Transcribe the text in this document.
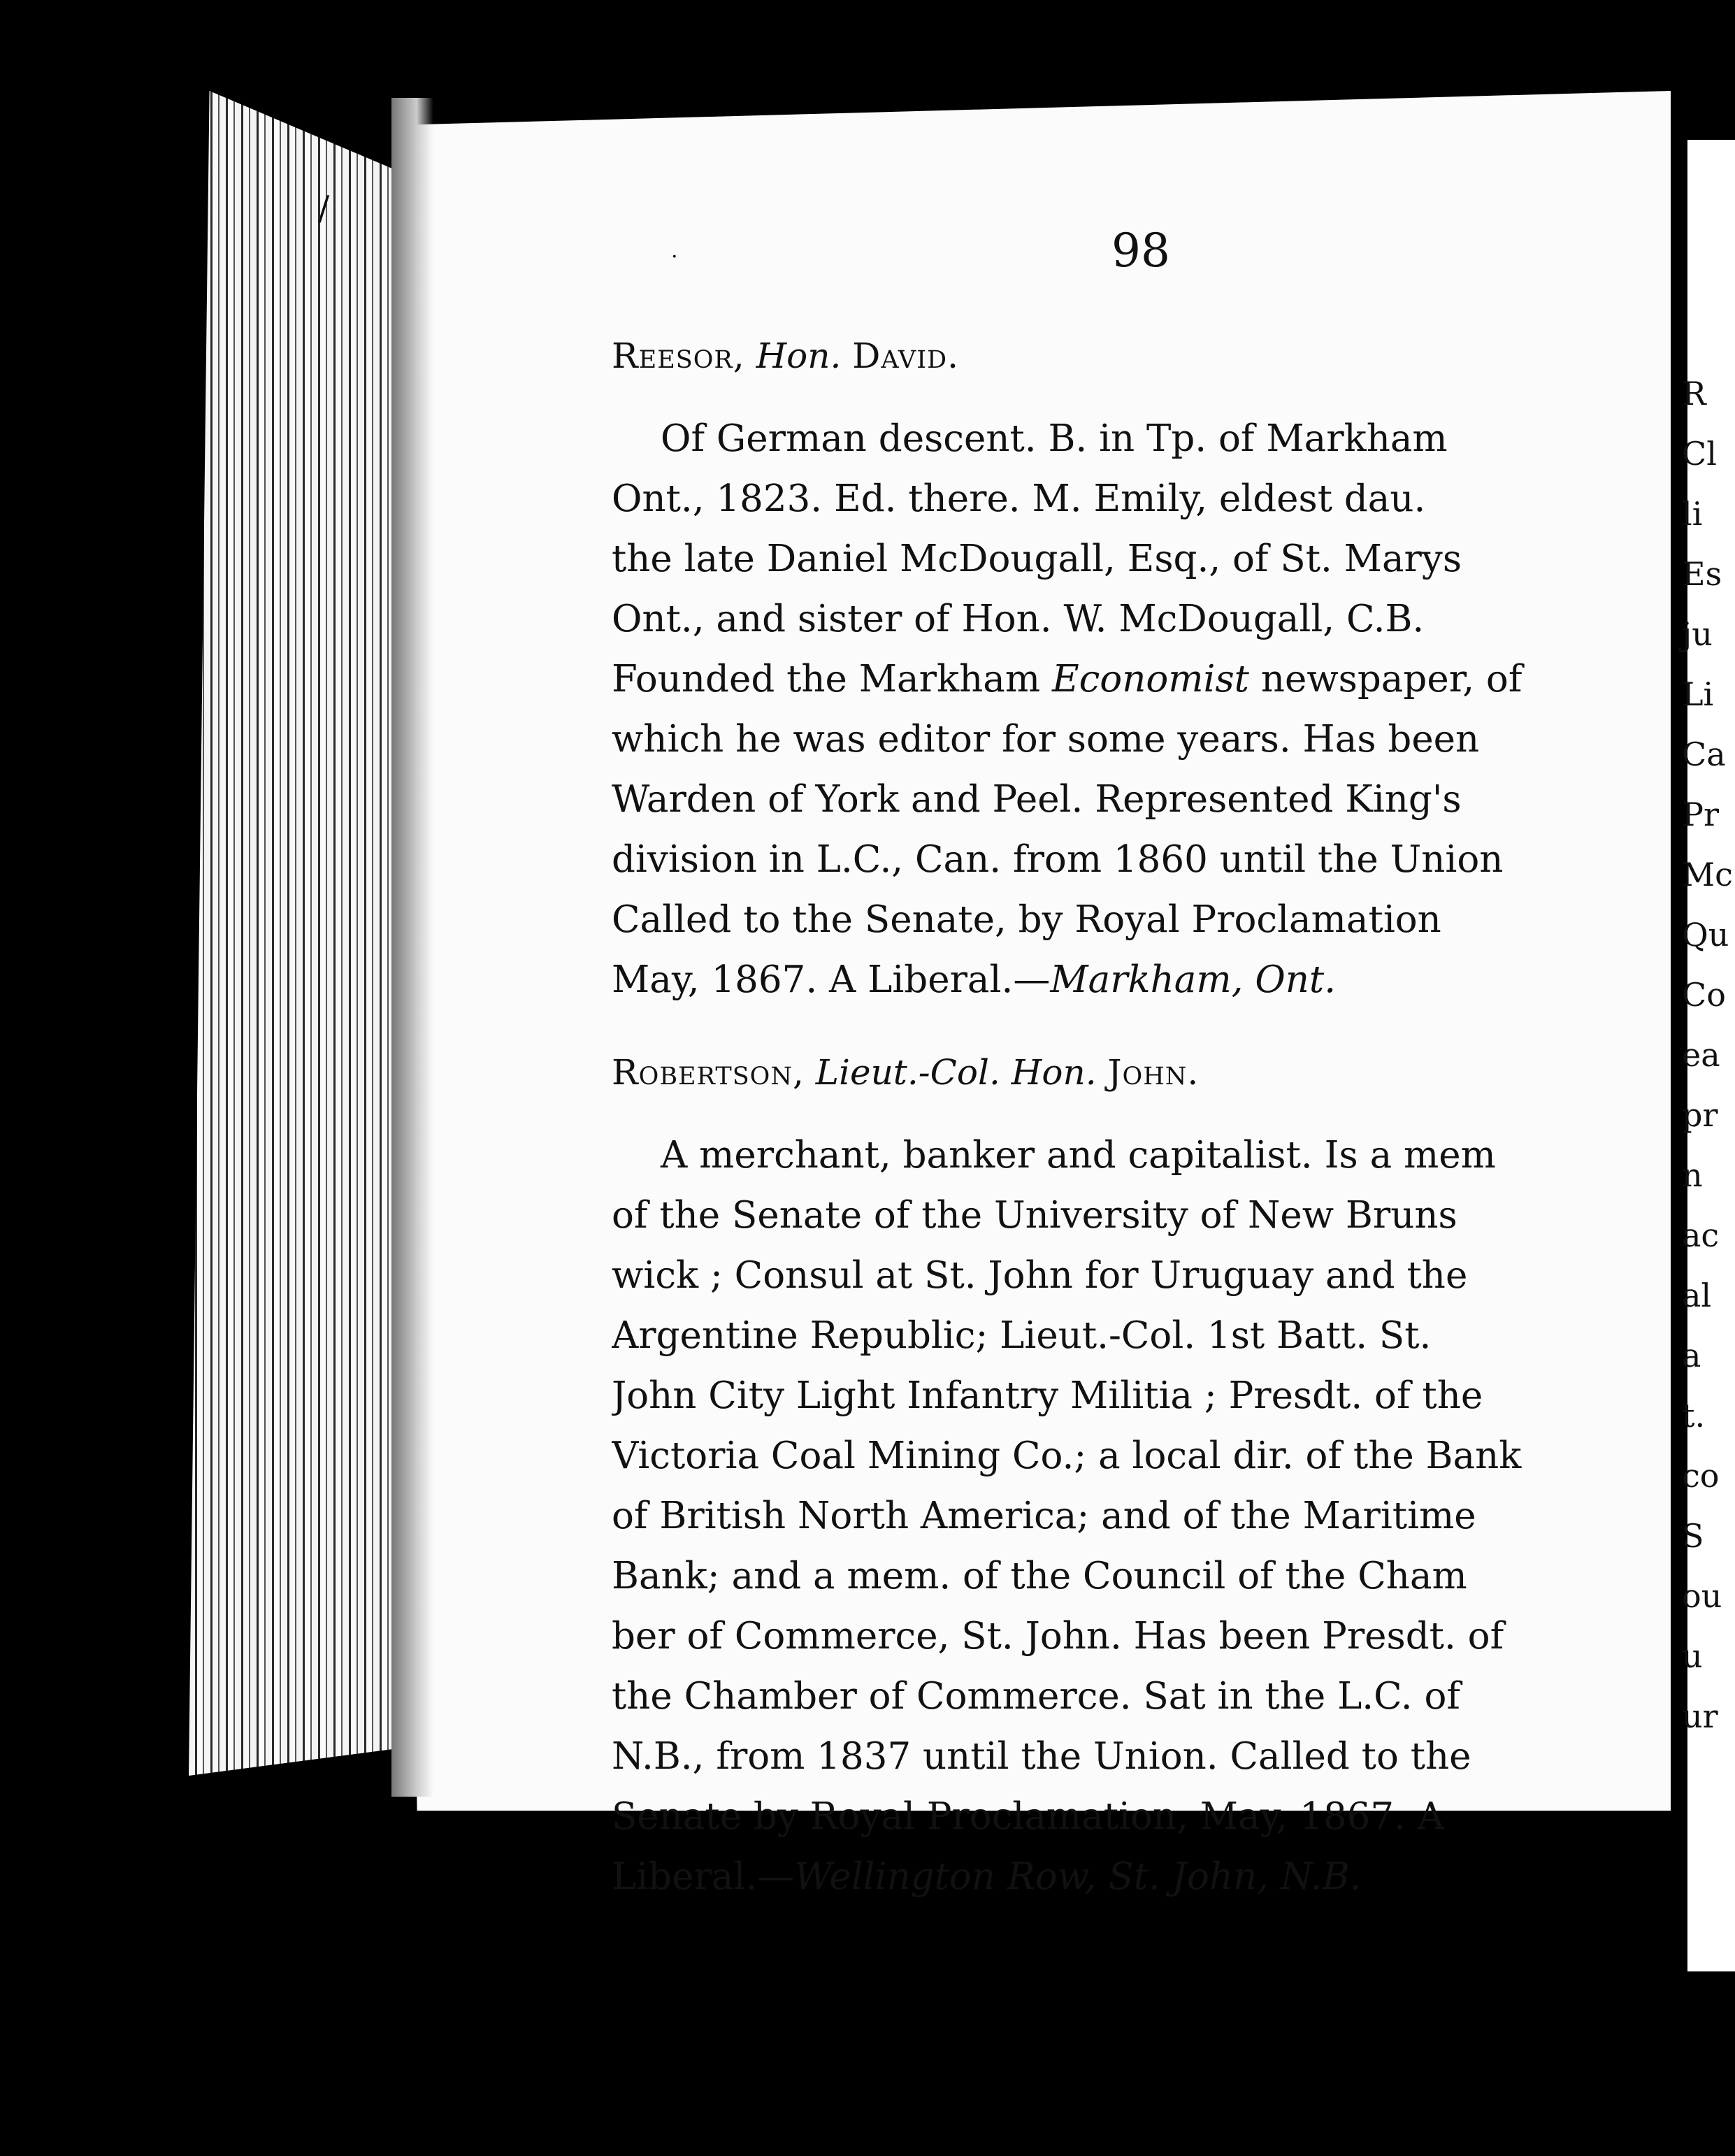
R
Cl
li
Es
ju
Li
Ca
Pr
Mc
Qu
Co
ea
pr
n
ac
al
a
t.
co
S
ou
u
ur
98
Reesor, Hon. David.
Of German descent. B. in Tp. of Markham
Ont., 1823. Ed. there. M. Emily, eldest dau.
the late Daniel McDougall, Esq., of St. Marys
Ont., and sister of Hon. W. McDougall, C.B.
Founded the Markham Economist newspaper, of
which he was editor for some years. Has been
Warden of York and Peel. Represented King's
division in L.C., Can. from 1860 until the Union
Called to the Senate, by Royal Proclamation
May, 1867. A Liberal.—Markham, Ont.
Robertson, Lieut.-Col. Hon. John.
A merchant, banker and capitalist. Is a mem
of the Senate of the University of New Bruns
wick ; Consul at St. John for Uruguay and the
Argentine Republic; Lieut.-Col. 1st Batt. St.
John City Light Infantry Militia ; Presdt. of the
Victoria Coal Mining Co.; a local dir. of the Bank
of British North America; and of the Maritime
Bank; and a mem. of the Council of the Cham
ber of Commerce, St. John. Has been Presdt. of
the Chamber of Commerce. Sat in the L.C. of
N.B., from 1837 until the Union. Called to the
Senate by Royal Proclamation, May, 1867. A
Liberal.—Wellington Row, St. John, N.B.
/
·
